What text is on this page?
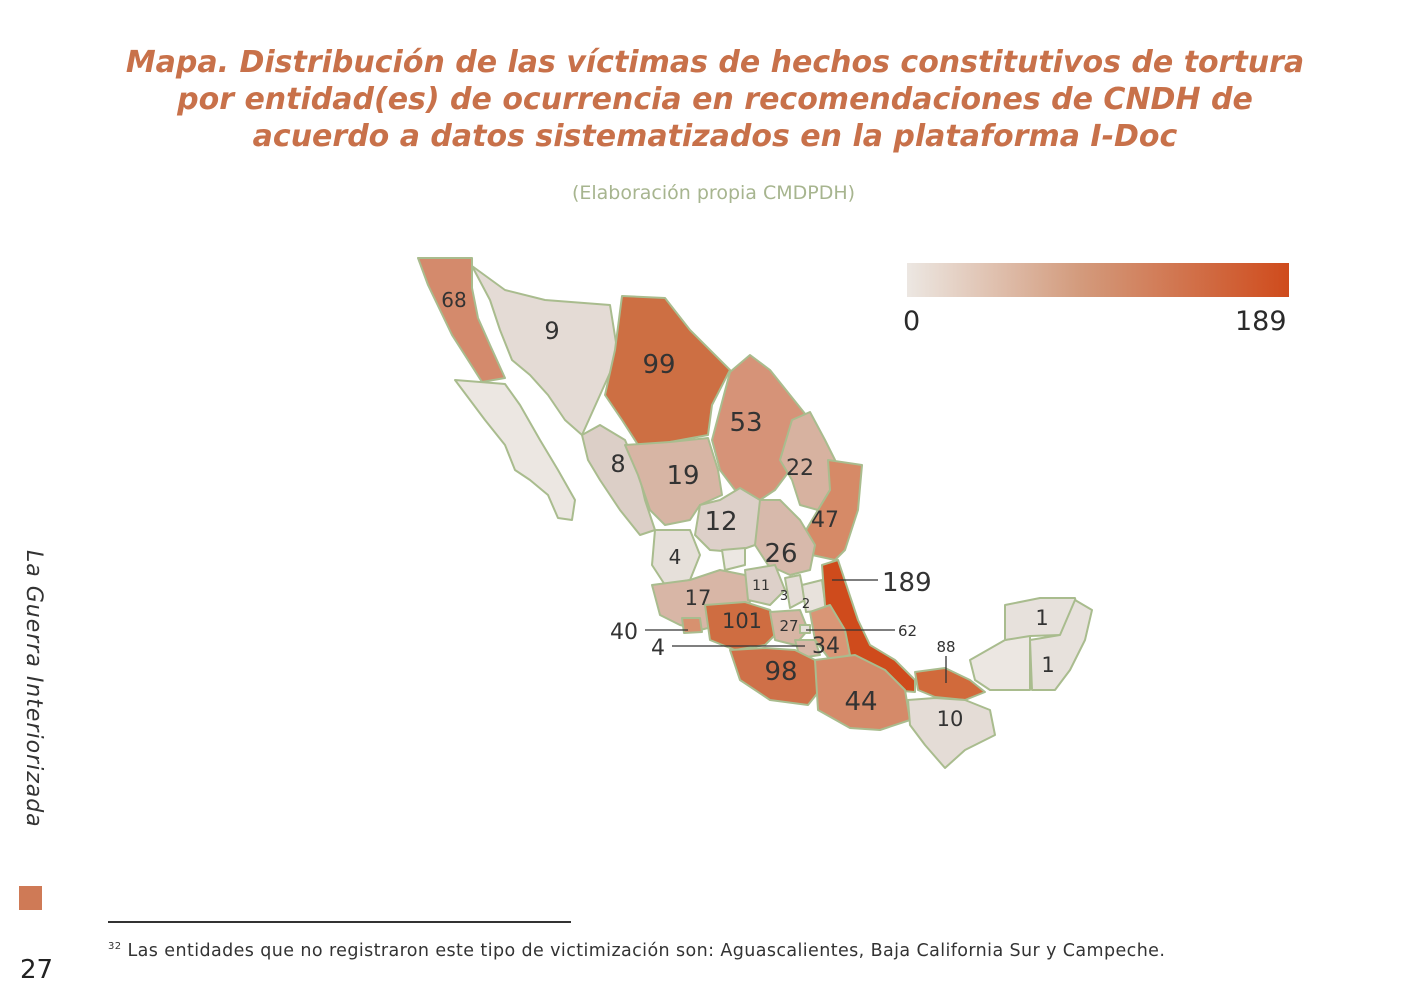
Mapa. Distribución de las víctimas de hechos constitutivos de tortura por entidad(es) de ocurrencia en recomendaciones de CNDH de acuerdo a datos sistematizados en la plataforma I-Doc
(Elaboración propia CMDPDH)
68
9
99
53
22
47
8 19
12
26
4
17	11
3
2
189
40	101 27	62
4	34
98
44
88
10
1
1
0	189
La Guerra Interiorizada
27
$^{32}$ Las entidades que no registraron este tipo de victimización son: Aguascalientes, Baja California Sur y Campeche.
